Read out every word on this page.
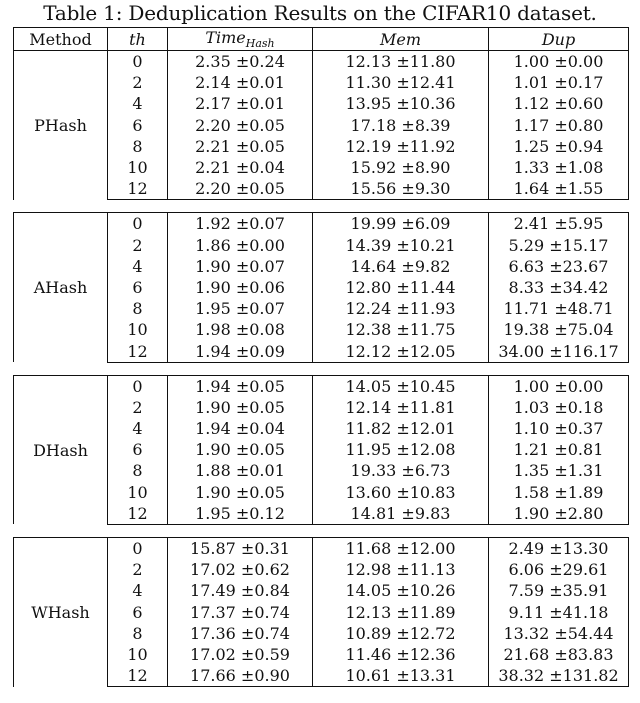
Table 1: Deduplication Results on the CIFAR10 dataset.
Method	th	Time$_{Hash}$	Mem	Dup
PHash	0	2.35 ±0.24	12.13 ±11.80	1.00 ±0.00
	2	2.14 ±0.01	11.30 ±12.41	1.01 ±0.17
	4	2.17 ±0.01	13.95 ±10.36	1.12 ±0.60
	6	2.20 ±0.05	17.18 ±8.39	1.17 ±0.80
	8	2.21 ±0.05	12.19 ±11.92	1.25 ±0.94
	10	2.21 ±0.04	15.92 ±8.90	1.33 ±1.08
	12	2.20 ±0.05	15.56 ±9.30	1.64 ±1.55

AHash	0	1.92 ±0.07	19.99 ±6.09	2.41 ±5.95
	2	1.86 ±0.00	14.39 ±10.21	5.29 ±15.17
	4	1.90 ±0.07	14.64 ±9.82	6.63 ±23.67
	6	1.90 ±0.06	12.80 ±11.44	8.33 ±34.42
	8	1.95 ±0.07	12.24 ±11.93	11.71 ±48.71
	10	1.98 ±0.08	12.38 ±11.75	19.38 ±75.04
	12	1.94 ±0.09	12.12 ±12.05	34.00 ±116.17

DHash	0	1.94 ±0.05	14.05 ±10.45	1.00 ±0.00
	2	1.90 ±0.05	12.14 ±11.81	1.03 ±0.18
	4	1.94 ±0.04	11.82 ±12.01	1.10 ±0.37
	6	1.90 ±0.05	11.95 ±12.08	1.21 ±0.81
	8	1.88 ±0.01	19.33 ±6.73	1.35 ±1.31
	10	1.90 ±0.05	13.60 ±10.83	1.58 ±1.89
	12	1.95 ±0.12	14.81 ±9.83	1.90 ±2.80

WHash	0	15.87 ±0.31	11.68 ±12.00	2.49 ±13.30
	2	17.02 ±0.62	12.98 ±11.13	6.06 ±29.61
	4	17.49 ±0.84	14.05 ±10.26	7.59 ±35.91
	6	17.37 ±0.74	12.13 ±11.89	9.11 ±41.18
	8	17.36 ±0.74	10.89 ±12.72	13.32 ±54.44
	10	17.02 ±0.59	11.46 ±12.36	21.68 ±83.83
	12	17.66 ±0.90	10.61 ±13.31	38.32 ±131.82
